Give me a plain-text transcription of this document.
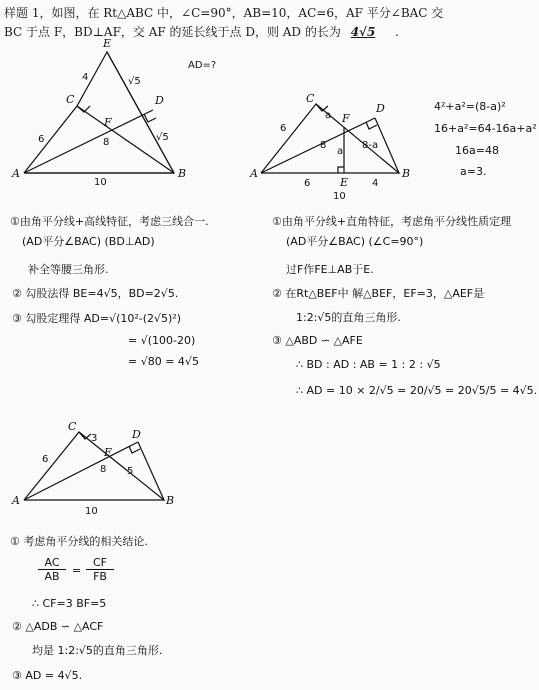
样题 1，如图，在 Rt△ABC 中，∠C=90°，AB=10，AC=6，AF 平分∠BAC 交
BC 于点 F，BD⊥AF，交 AF 的延长线于点 D，则 AD 的长为 4√5 .
E
C	D
F
A	B
4	√5
6	√5
8
10
AD=?
C
D
F
A	B
E
6
a
a
8-a
8
6	4
10
4²+a²=(8-a)²
16+a²=64-16a+a²
16a=48
a=3.
①由角平分线+高线特征，考虑三线合一.
(AD平分∠BAC) (BD⊥AD)
补全等腰三角形.
② 勾股法得 BE=4√5，BD=2√5.
③ 勾股定理得 AD=√(10²-(2√5)²)
= √(100-20)
= √80 = 4√5
①由角平分线+直角特征，考虑角平分线性质定理
(AD平分∠BAC) (∠C=90°)
过F作FE⊥AB于E.
② 在Rt△BEF中 解△BEF，EF=3，△AEF是
1:2:√5的直角三角形.
③ △ABD ∽ △AFE
∴ BD : AD : AB = 1 : 2 : √5
∴ AD = 10 × 2/√5 = 20/√5 = 20√5/5 = 4√5.
C
D
F
A	B
3
6
8 5
10
① 考虑角平分线的相关结论.
$\frac{AC}{AB} = \frac{CF}{FB}$
∴ CF=3 BF=5
② △ADB ∽ △ACF
均是 1:2:√5的直角三角形.
③ AD = 4√5.
